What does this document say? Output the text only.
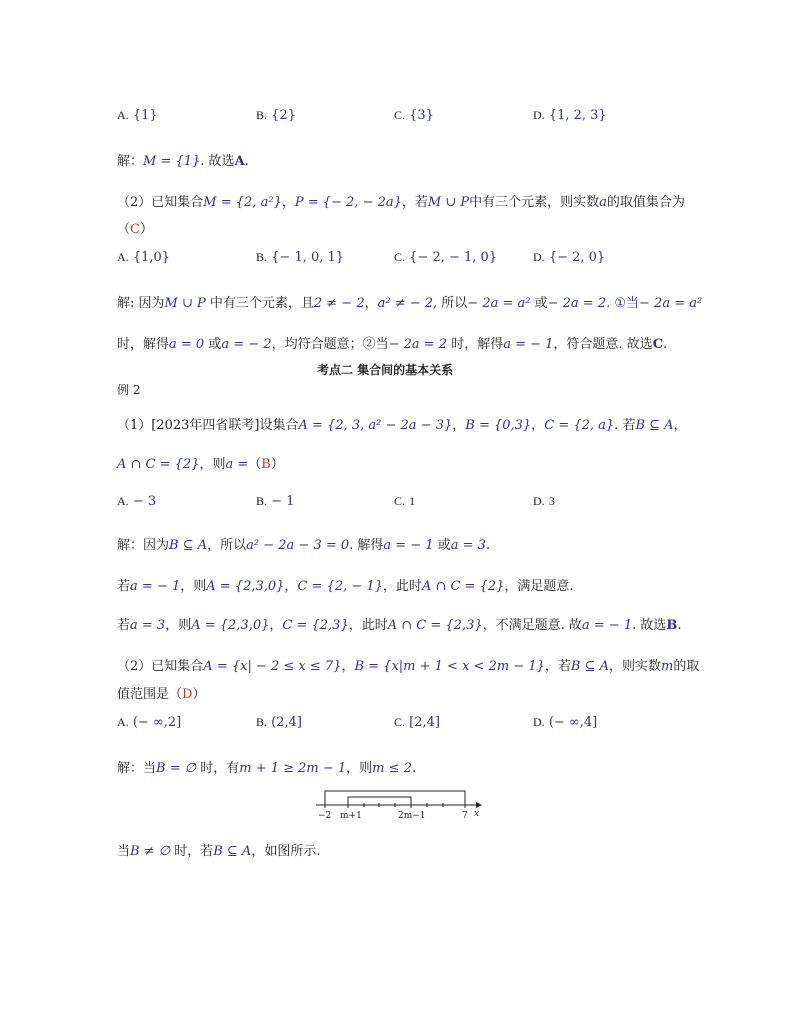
A. {1}	B. {2}	C. {3}	D. {1, 2, 3}
解：M = {1}. 故选A.
（2）已知集合M = {2, a²}，P = {− 2, − 2a}，若M ∪ P中有三个元素，则实数a的取值集合为
（C）
A. {1,0}	B. {− 1, 0, 1}	C. {− 2, − 1, 0}	D. {− 2, 0}
解: 因为M ∪ P 中有三个元素，且2 ≠ − 2，a² ≠ − 2, 所以− 2a = a² 或− 2a = 2. ①当− 2a = a²
时，解得a = 0 或a = − 2，均符合题意；②当− 2a = 2 时，解得a = − 1，符合题意. 故选C.
考点二 集合间的基本关系
例 2
（1）[2023年四省联考]设集合A = {2, 3, a² − 2a − 3}，B = {0,3}，C = {2, a}. 若B ⊆ A，
A ∩ C = {2}，则a =（B）
A. − 3	B. − 1	C. 1	D. 3
解：因为B ⊆ A，所以a² − 2a − 3 = 0. 解得a = − 1 或a = 3.
若a = − 1，则A = {2,3,0}，C = {2, − 1}，此时A ∩ C = {2}，满足题意.
若a = 3，则A = {2,3,0}，C = {2,3}，此时A ∩ C = {2,3}，不满足题意. 故a = − 1. 故选B.
（2）已知集合A = {x| − 2 ≤ x ≤ 7}，B = {x|m + 1 < x < 2m − 1}，若B ⊆ A，则实数m的取
值范围是（D）
A. (− ∞,2]	B. (2,4]	C. [2,4]	D. (− ∞,4]
解：当B = ∅ 时，有m + 1 ≥ 2m − 1，则m ≤ 2.
−2 m+1	2m−1	7 x
当B ≠ ∅ 时，若B ⊆ A，如图所示.
